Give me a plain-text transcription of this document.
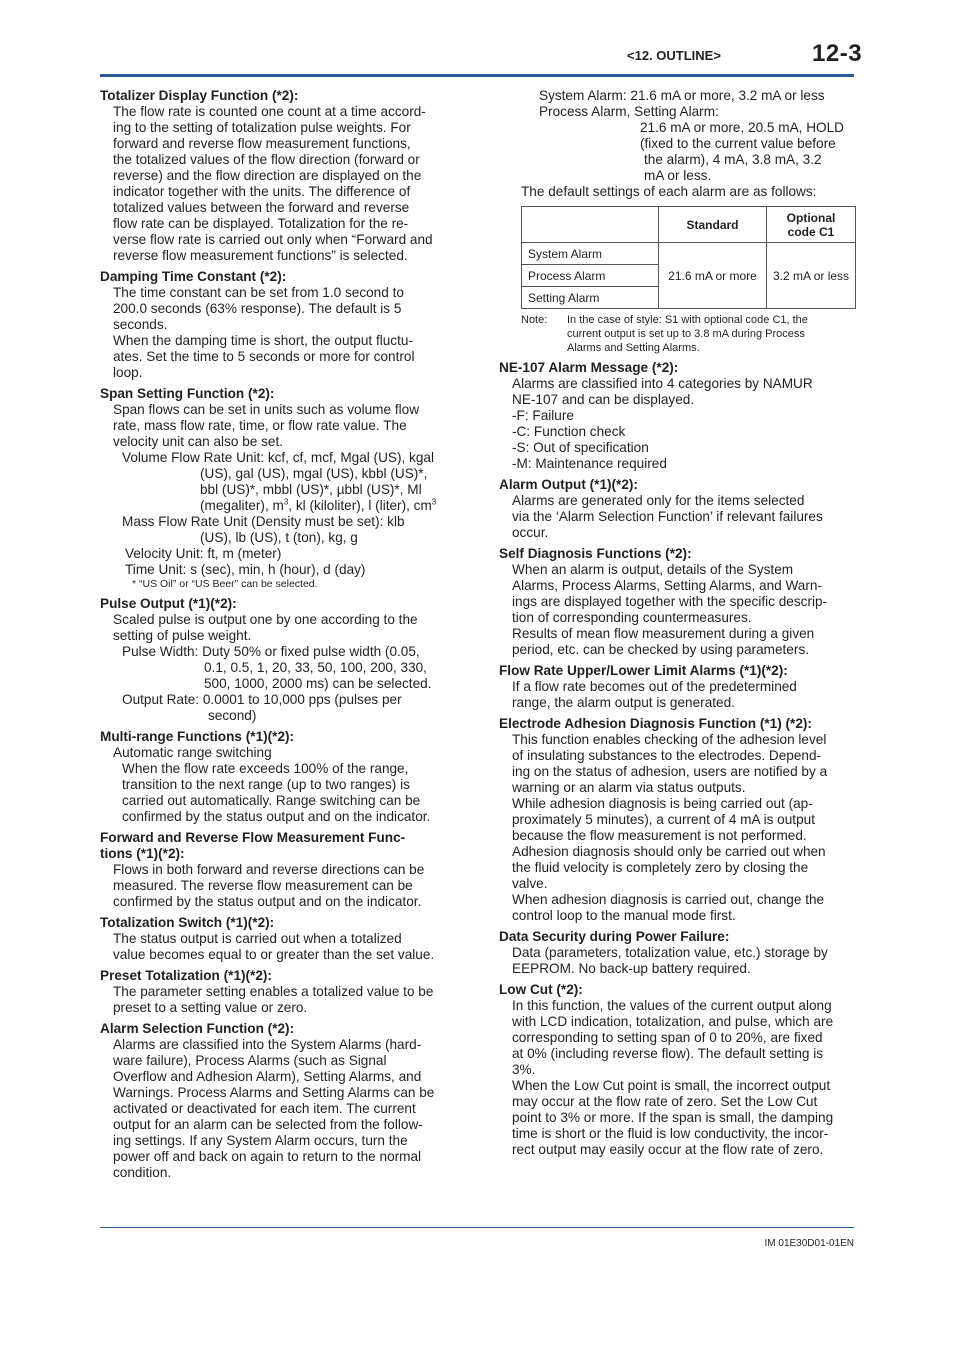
<12. OUTLINE>	12-3

Totalizer Display Function (*2):

The flow rate is counted one count at a time accord-

ing to the setting of totalization pulse weights. For

forward and reverse flow measurement functions,

the totalized values of the flow direction (forward or

reverse) and the flow direction are displayed on the

indicator together with the units. The difference of

totalized values between the forward and reverse

flow rate can be displayed. Totalization for the re-

verse flow rate is carried out only when “Forward and

reverse flow measurement functions” is selected.

Damping Time Constant (*2):

The time constant can be set from 1.0 second to

200.0 seconds (63% response). The default is 5

seconds.

When the damping time is short, the output fluctu-

ates. Set the time to 5 seconds or more for control

loop.

Span Setting Function (*2):

Span flows can be set in units such as volume flow

rate, mass flow rate, time, or flow rate value. The

velocity unit can also be set.

Volume Flow Rate Unit: kcf, cf, mcf, Mgal (US), kgal

(US), gal (US), mgal (US), kbbl (US)*,

bbl (US)*, mbbl (US)*, µbbl (US)*, Ml

(megaliter), $m^3$, kl (kiloliter), l (liter), $cm^3$

Mass Flow Rate Unit (Density must be set): klb

(US), lb (US), t (ton), kg, g

Velocity Unit: ft, m (meter)

Time Unit: s (sec), min, h (hour), d (day)

* “US Oil” or “US Beer” can be selected.

Pulse Output (*1)(*2):

Scaled pulse is output one by one according to the

setting of pulse weight.

Pulse Width: Duty 50% or fixed pulse width (0.05,

0.1, 0.5, 1, 20, 33, 50, 100, 200, 330,

500, 1000, 2000 ms) can be selected.

Output Rate: 0.0001 to 10,000 pps (pulses per

second)

Multi-range Functions (*1)(*2):

Automatic range switching

When the flow rate exceeds 100% of the range,

transition to the next range (up to two ranges) is

carried out automatically. Range switching can be

confirmed by the status output and on the indicator.

Forward and Reverse Flow Measurement Func-

tions (*1)(*2):

Flows in both forward and reverse directions can be

measured. The reverse flow measurement can be

confirmed by the status output and on the indicator.

Totalization Switch (*1)(*2):

The status output is carried out when a totalized

value becomes equal to or greater than the set value.

Preset Totalization (*1)(*2):

The parameter setting enables a totalized value to be

preset to a setting value or zero.

Alarm Selection Function (*2):

Alarms are classified into the System Alarms (hard-

ware failure), Process Alarms (such as Signal

Overflow and Adhesion Alarm), Setting Alarms, and

Warnings. Process Alarms and Setting Alarms can be

activated or deactivated for each item. The current

output for an alarm can be selected from the follow-

ing settings. If any System Alarm occurs, turn the

power off and back on again to return to the normal

condition.

System Alarm: 21.6 mA or more, 3.2 mA or less

Process Alarm, Setting Alarm:

21.6 mA or more, 20.5 mA, HOLD

(fixed to the current value before

the alarm), 4 mA, 3.8 mA, 3.2

mA or less.

The default settings of each alarm are as follows:

	Standard	Optional
code C1
System Alarm	21.6 mA or more	3.2 mA or less
Process Alarm		
Setting Alarm		
Note:	In the case of style: S1 with optional code C1, the

current output is set up to 3.8 mA during Process

Alarms and Setting Alarms.

NE-107 Alarm Message (*2):

Alarms are classified into 4 categories by NAMUR

NE-107 and can be displayed.

-F: Failure

-C: Function check

-S: Out of specification

-M: Maintenance required

Alarm Output (*1)(*2):

Alarms are generated only for the items selected

via the ‘Alarm Selection Function’ if relevant failures

occur.

Self Diagnosis Functions (*2):

When an alarm is output, details of the System

Alarms, Process Alarms, Setting Alarms, and Warn-

ings are displayed together with the specific descrip-

tion of corresponding countermeasures.

Results of mean flow measurement during a given

period, etc. can be checked by using parameters.

Flow Rate Upper/Lower Limit Alarms (*1)(*2):

If a flow rate becomes out of the predetermined

range, the alarm output is generated.

Electrode Adhesion Diagnosis Function (*1) (*2):

This function enables checking of the adhesion level

of insulating substances to the electrodes. Depend-

ing on the status of adhesion, users are notified by a

warning or an alarm via status outputs.

While adhesion diagnosis is being carried out (ap-

proximately 5 minutes), a current of 4 mA is output

because the flow measurement is not performed.

Adhesion diagnosis should only be carried out when

the fluid velocity is completely zero by closing the

valve.

When adhesion diagnosis is carried out, change the

control loop to the manual mode first.

Data Security during Power Failure:

Data (parameters, totalization value, etc.) storage by

EEPROM. No back-up battery required.

Low Cut (*2):

In this function, the values of the current output along

with LCD indication, totalization, and pulse, which are

corresponding to setting span of 0 to 20%, are fixed

at 0% (including reverse flow). The default setting is

3%.

When the Low Cut point is small, the incorrect output

may occur at the flow rate of zero. Set the Low Cut

point to 3% or more. If the span is small, the damping

time is short or the fluid is low conductivity, the incor-

rect output may easily occur at the flow rate of zero.

IM 01E30D01-01EN
